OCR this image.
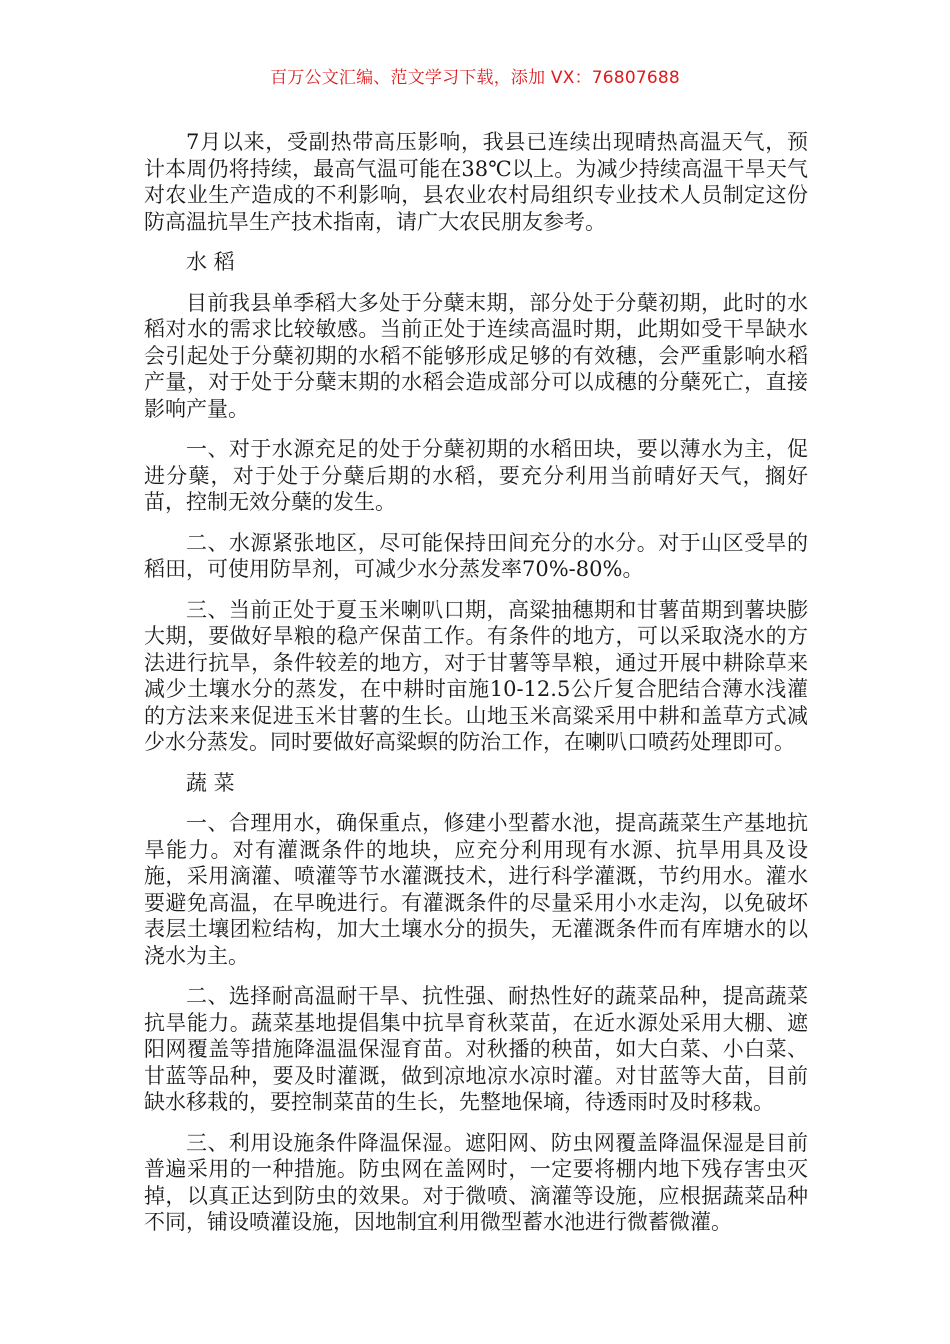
百万公文汇编、范文学习下载，添加 VX：76807688

7月以来，受副热带高压影响，我县已连续出现晴热高温天气，预计本周仍将持续，最高气温可能在38℃以上。为减少持续高温干旱天气对农业生产造成的不利影响，县农业农村局组织专业技术人员制定这份防高温抗旱生产技术指南，请广大农民朋友参考。

水 稻

目前我县单季稻大多处于分蘖末期，部分处于分蘖初期，此时的水稻对水的需求比较敏感。当前正处于连续高温时期，此期如受干旱缺水会引起处于分蘖初期的水稻不能够形成足够的有效穗，会严重影响水稻产量，对于处于分蘖末期的水稻会造成部分可以成穗的分蘖死亡，直接影响产量。

一、对于水源充足的处于分蘖初期的水稻田块，要以薄水为主，促进分蘖，对于处于分蘖后期的水稻，要充分利用当前晴好天气，搁好苗，控制无效分蘖的发生。

二、水源紧张地区，尽可能保持田间充分的水分。对于山区受旱的稻田，可使用防旱剂，可减少水分蒸发率70%-80%。

三、当前正处于夏玉米喇叭口期，高粱抽穗期和甘薯苗期到薯块膨大期，要做好旱粮的稳产保苗工作。有条件的地方，可以采取浇水的方法进行抗旱，条件较差的地方，对于甘薯等旱粮，通过开展中耕除草来减少土壤水分的蒸发，在中耕时亩施10-12.5公斤复合肥结合薄水浅灌的方法来来促进玉米甘薯的生长。山地玉米高粱采用中耕和盖草方式减少水分蒸发。同时要做好高粱螟的防治工作，在喇叭口喷药处理即可。

蔬 菜

一、合理用水，确保重点，修建小型蓄水池，提高蔬菜生产基地抗旱能力。对有灌溉条件的地块，应充分利用现有水源、抗旱用具及设施，采用滴灌、喷灌等节水灌溉技术，进行科学灌溉，节约用水。灌水要避免高温，在早晚进行。有灌溉条件的尽量采用小水走沟，以免破坏表层土壤团粒结构，加大土壤水分的损失，无灌溉条件而有库塘水的以浇水为主。

二、选择耐高温耐干旱、抗性强、耐热性好的蔬菜品种，提高蔬菜抗旱能力。蔬菜基地提倡集中抗旱育秋菜苗，在近水源处采用大棚、遮阳网覆盖等措施降温温保湿育苗。对秋播的秧苗，如大白菜、小白菜、甘蓝等品种，要及时灌溉，做到凉地凉水凉时灌。对甘蓝等大苗，目前缺水移栽的，要控制菜苗的生长，先整地保墒，待透雨时及时移栽。

三、利用设施条件降温保湿。遮阳网、防虫网覆盖降温保湿是目前普遍采用的一种措施。防虫网在盖网时，一定要将棚内地下残存害虫灭掉，以真正达到防虫的效果。对于微喷、滴灌等设施，应根据蔬菜品种不同，铺设喷灌设施，因地制宜利用微型蓄水池进行微蓄微灌。
